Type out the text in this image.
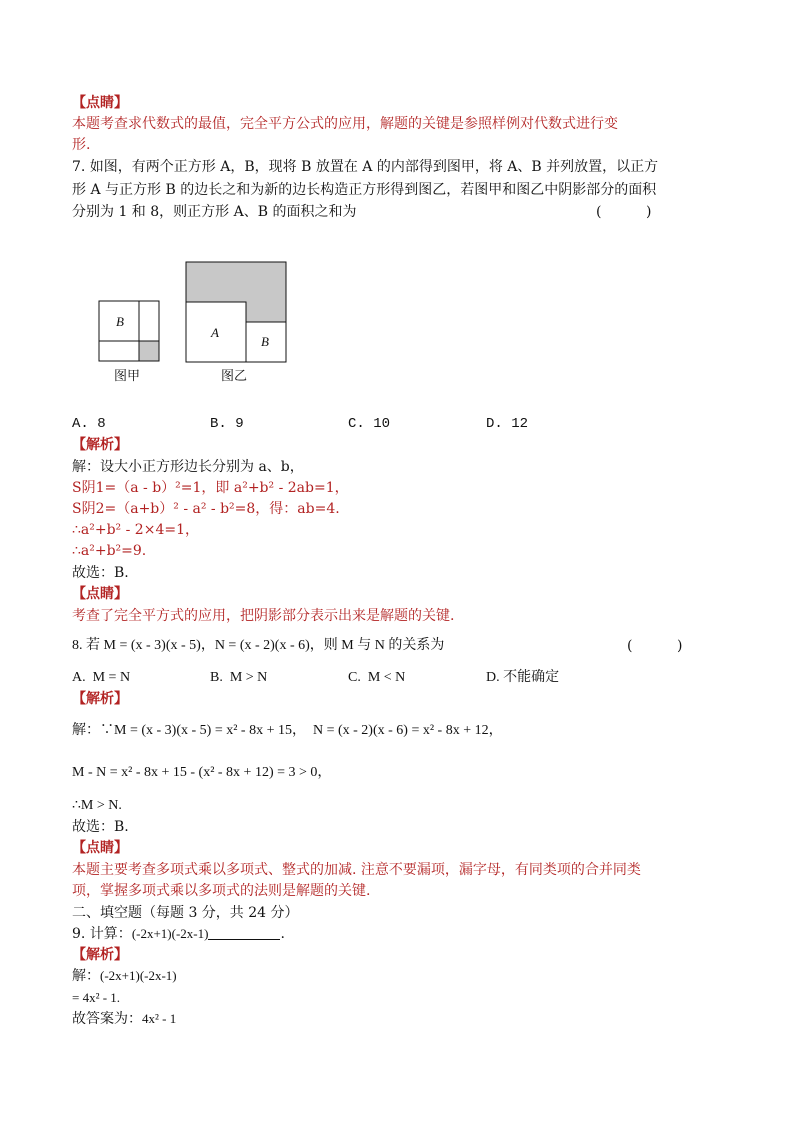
【点睛】
本题考查求代数式的最值，完全平方公式的应用，解题的关键是参照样例对代数式进行变
形.
7. 如图，有两个正方形 A，B，现将 B 放置在 A 的内部得到图甲，将 A、B 并列放置，以正方
形 A 与正方形 B 的边长之和为新的边长构造正方形得到图乙，若图甲和图乙中阴影部分的面积
分别为 1 和 8，则正方形 A、B 的面积之和为	(          )
B
图甲
A
B
图乙
A. 8	B. 9	C. 10	D. 12
【解析】
解：设大小正方形边长分别为 a、b，
S阴1=（a - b）²=1，即 a²+b² - 2ab=1，
S阴2=（a+b）² - a² - b²=8，得：ab=4.
∴a²+b² - 2×4=1，
∴a²+b²=9.
故选：B.
【点睛】
考查了完全平方式的应用，把阴影部分表示出来是解题的关键.
8. 若 M = (x - 3)(x - 5)，N = (x - 2)(x - 6)，则 M 与 N 的关系为	(          )
A.  M = N	B.  M > N	C.  M < N	D. 不能确定
【解析】
解：∵M = (x - 3)(x - 5) = x² - 8x + 15，  N = (x - 2)(x - 6) = x² - 8x + 12，
M - N = x² - 8x + 15 - (x² - 8x + 12) = 3 > 0，
∴M > N.
故选：B.
【点睛】
本题主要考查多项式乘以多项式、整式的加减. 注意不要漏项，漏字母，有同类项的合并同类
项，掌握多项式乘以多项式的法则是解题的关键.
二、填空题（每题 3 分，共 24 分）
9. 计算：(-2x+1)(-2x-1)	.
【解析】
解：(-2x+1)(-2x-1)
= 4x² - 1.
故答案为：4x² - 1
